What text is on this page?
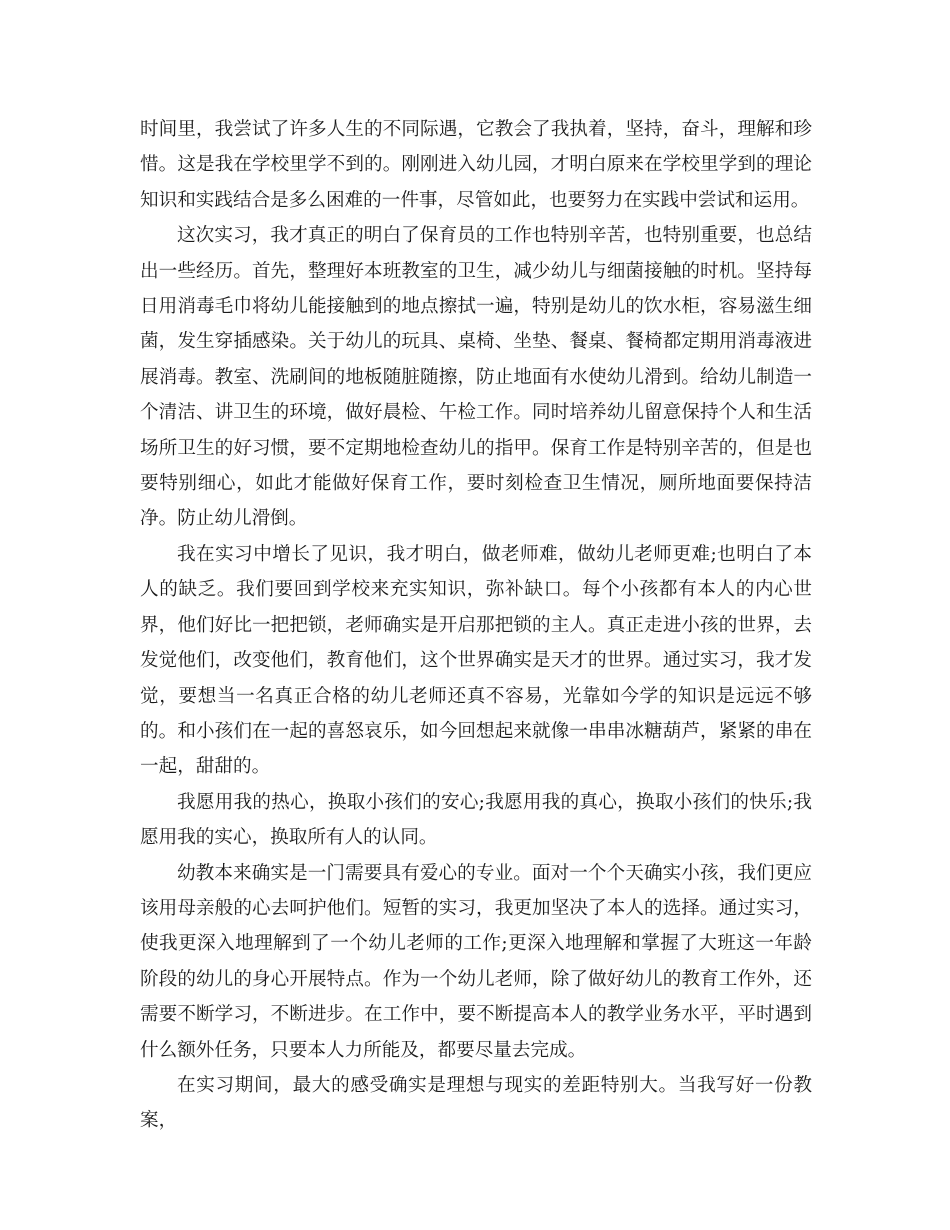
时间里，我尝试了许多人生的不同际遇，它教会了我执着，坚持，奋斗，理解和珍惜。这是我在学校里学不到的。刚刚进入幼儿园，才明白原来在学校里学到的理论知识和实践结合是多么困难的一件事，尽管如此，也要努力在实践中尝试和运用。

这次实习，我才真正的明白了保育员的工作也特别辛苦，也特别重要，也总结出一些经历。首先，整理好本班教室的卫生，减少幼儿与细菌接触的时机。坚持每日用消毒毛巾将幼儿能接触到的地点擦拭一遍，特别是幼儿的饮水柜，容易滋生细菌，发生穿插感染。关于幼儿的玩具、桌椅、坐垫、餐桌、餐椅都定期用消毒液进展消毒。教室、洗刷间的地板随脏随擦，防止地面有水使幼儿滑到。给幼儿制造一个清洁、讲卫生的环境，做好晨检、午检工作。同时培养幼儿留意保持个人和生活场所卫生的好习惯，要不定期地检查幼儿的指甲。保育工作是特别辛苦的，但是也要特别细心，如此才能做好保育工作，要时刻检查卫生情况，厕所地面要保持洁净。防止幼儿滑倒。

我在实习中增长了见识，我才明白，做老师难，做幼儿老师更难;也明白了本人的缺乏。我们要回到学校来充实知识，弥补缺口。每个小孩都有本人的内心世界，他们好比一把把锁，老师确实是开启那把锁的主人。真正走进小孩的世界，去发觉他们，改变他们，教育他们，这个世界确实是天才的世界。通过实习，我才发觉，要想当一名真正合格的幼儿老师还真不容易，光靠如今学的知识是远远不够的。和小孩们在一起的喜怒哀乐，如今回想起来就像一串串冰糖葫芦，紧紧的串在一起，甜甜的。

我愿用我的热心，换取小孩们的安心;我愿用我的真心，换取小孩们的快乐;我愿用我的实心，换取所有人的认同。

幼教本来确实是一门需要具有爱心的专业。面对一个个天确实小孩，我们更应该用母亲般的心去呵护他们。短暂的实习，我更加坚决了本人的选择。通过实习，使我更深入地理解到了一个幼儿老师的工作;更深入地理解和掌握了大班这一年龄阶段的幼儿的身心开展特点。作为一个幼儿老师，除了做好幼儿的教育工作外，还需要不断学习，不断进步。在工作中，要不断提高本人的教学业务水平，平时遇到什么额外任务，只要本人力所能及，都要尽量去完成。

在实习期间，最大的感受确实是理想与现实的差距特别大。当我写好一份教案，
